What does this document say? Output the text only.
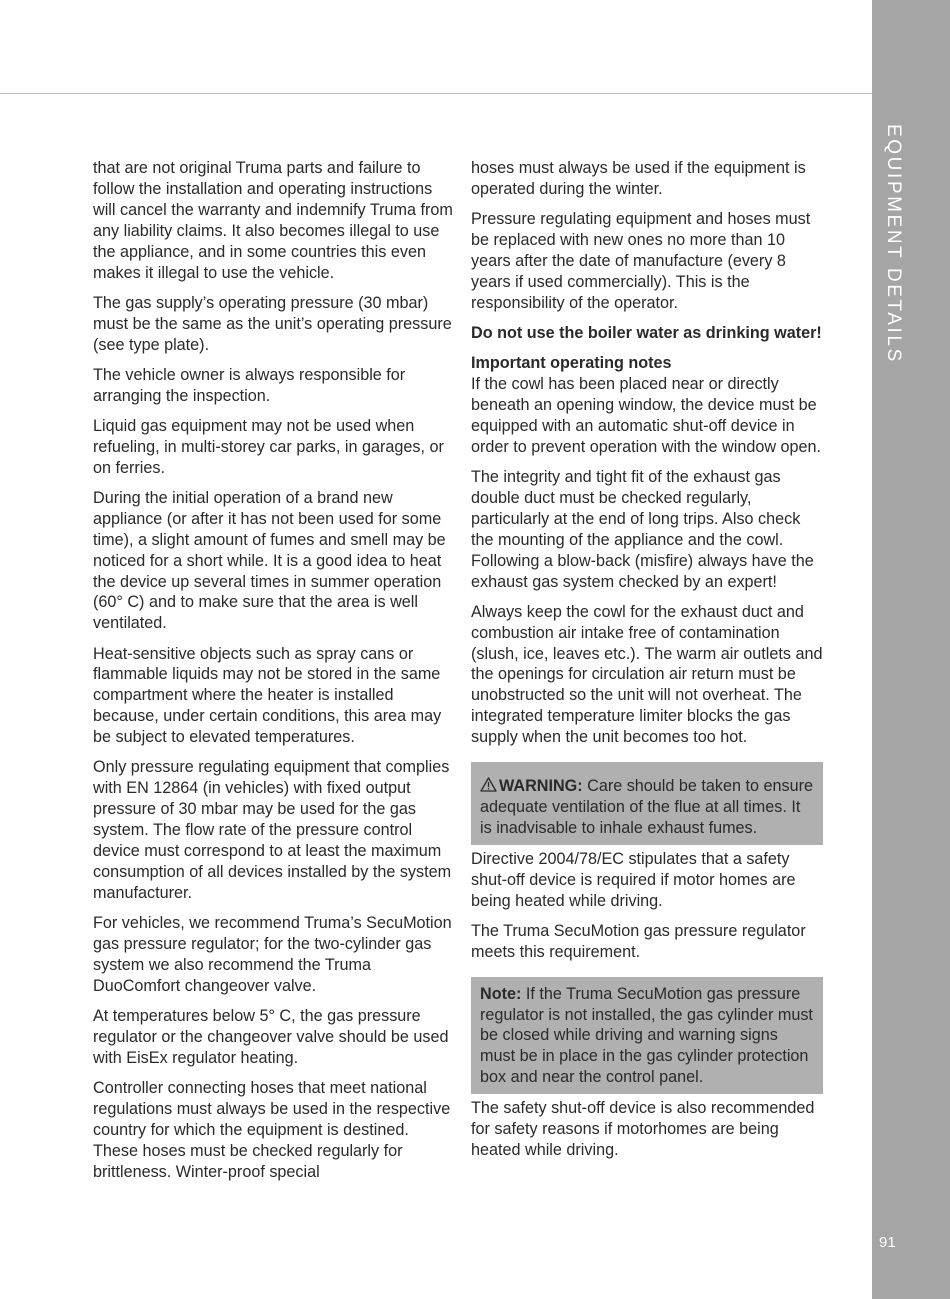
EQUIPMENT DETAILS
91

that are not original Truma parts and failure to follow the installation and operating instructions will cancel the warranty and indemnify Truma from any liability claims. It also becomes illegal to use the appliance, and in some countries this even makes it illegal to use the vehicle.

The gas supply’s operating pressure (30 mbar) must be the same as the unit’s operating pressure (see type plate).

The vehicle owner is always responsible for arranging the inspection.

Liquid gas equipment may not be used when refueling, in multi-storey car parks, in garages, or on ferries.

During the initial operation of a brand new appliance (or after it has not been used for some time), a slight amount of fumes and smell may be noticed for a short while. It is a good idea to heat the device up several times in summer operation (60° C) and to make sure that the area is well ventilated.

Heat-sensitive objects such as spray cans or flammable liquids may not be stored in the same compartment where the heater is installed because, under certain conditions, this area may be subject to elevated temperatures.

Only pressure regulating equipment that complies with EN 12864 (in vehicles) with fixed output pressure of 30 mbar may be used for the gas system. The flow rate of the pressure control device must correspond to at least the maximum consumption of all devices installed by the system manufacturer.

For vehicles, we recommend Truma’s SecuMotion gas pressure regulator; for the two-cylinder gas system we also recommend the Truma DuoComfort changeover valve.

At temperatures below 5° C, the gas pressure regulator or the changeover valve should be used with EisEx regulator heating.

Controller connecting hoses that meet national regulations must always be used in the respective country for which the equipment is destined. These hoses must be checked regularly for brittleness. Winter-proof special

hoses must always be used if the equipment is operated during the winter.

Pressure regulating equipment and hoses must be replaced with new ones no more than 10 years after the date of manufacture (every 8 years if used commercially). This is the responsibility of the operator.

Do not use the boiler water as drinking water!

Important operating notes

If the cowl has been placed near or directly beneath an opening window, the device must be equipped with an automatic shut-off device in order to prevent operation with the window open.

The integrity and tight fit of the exhaust gas double duct must be checked regularly, particularly at the end of long trips. Also check the mounting of the appliance and the cowl. Following a blow-back (misfire) always have the exhaust gas system checked by an expert!

Always keep the cowl for the exhaust duct and combustion air intake free of contamination (slush, ice, leaves etc.). The warm air outlets and the openings for circulation air return must be unobstructed so the unit will not overheat. The integrated temperature limiter blocks the gas supply when the unit becomes too hot.

WARNING: Care should be taken to ensure adequate ventilation of the flue at all times. It is inadvisable to inhale exhaust fumes.

Directive 2004/78/EC stipulates that a safety shut-off device is required if motor homes are being heated while driving.

The Truma SecuMotion gas pressure regulator meets this requirement.

Note: If the Truma SecuMotion gas pressure regulator is not installed, the gas cylinder must be closed while driving and warning signs must be in place in the gas cylinder protection box and near the control panel.

The safety shut-off device is also recommended for safety reasons if motorhomes are being heated while driving.
